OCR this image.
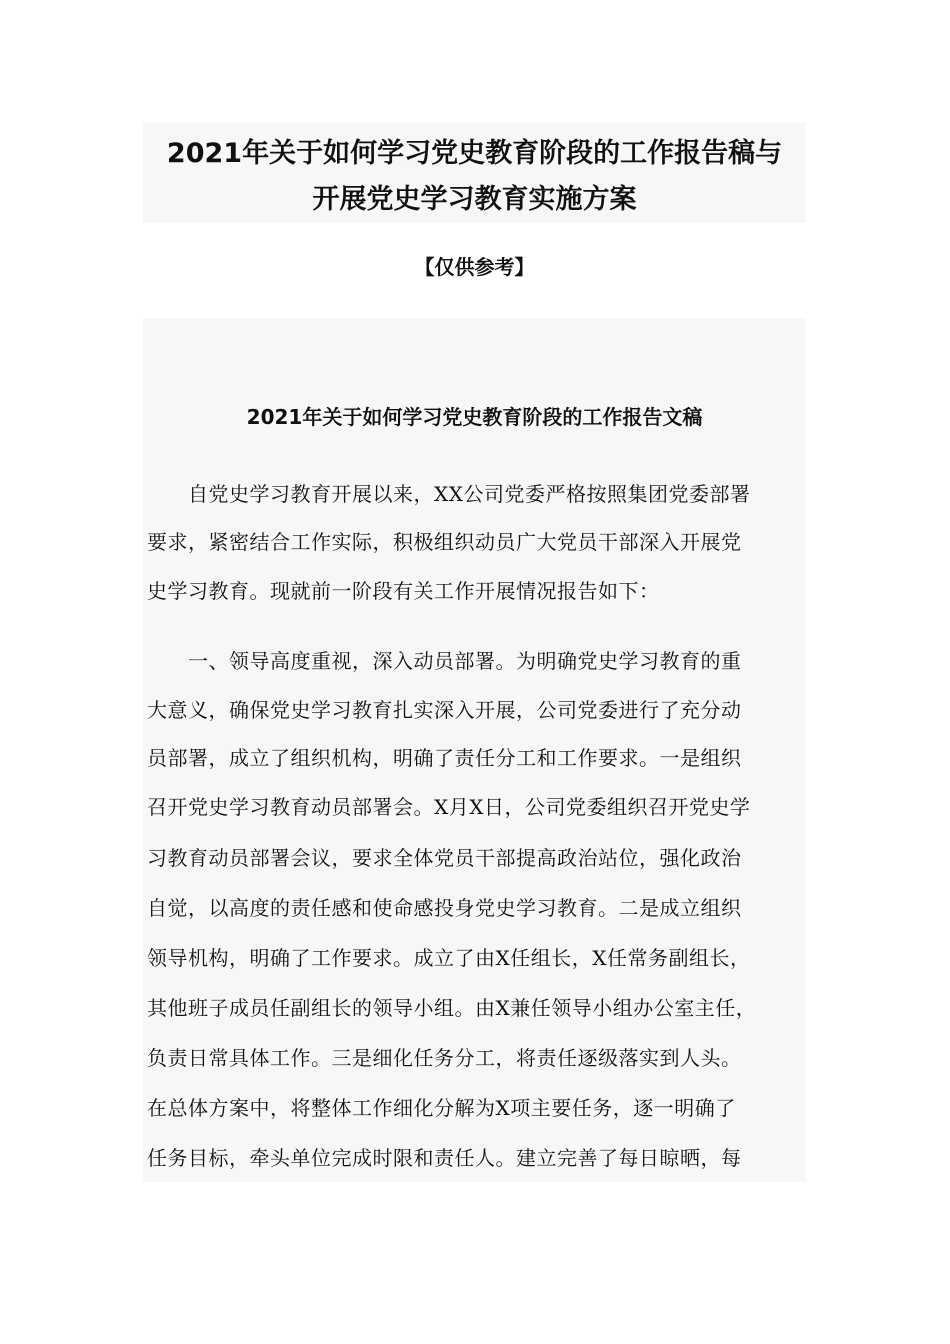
2021年关于如何学习党史教育阶段的工作报告稿与
开展党史学习教育实施方案
【仅供参考】
2021年关于如何学习党史教育阶段的工作报告文稿
　　自党史学习教育开展以来，XX公司党委严格按照集团党委部署
要求，紧密结合工作实际，积极组织动员广大党员干部深入开展党
史学习教育。现就前一阶段有关工作开展情况报告如下：
　　一、领导高度重视，深入动员部署。为明确党史学习教育的重
大意义，确保党史学习教育扎实深入开展，公司党委进行了充分动
员部署，成立了组织机构，明确了责任分工和工作要求。一是组织
召开党史学习教育动员部署会。X月X日，公司党委组织召开党史学
习教育动员部署会议，要求全体党员干部提高政治站位，强化政治
自觉，以高度的责任感和使命感投身党史学习教育。二是成立组织
领导机构，明确了工作要求。成立了由X任组长，X任常务副组长，
其他班子成员任副组长的领导小组。由X兼任领导小组办公室主任，
负责日常具体工作。三是细化任务分工，将责任逐级落实到人头。
在总体方案中，将整体工作细化分解为X项主要任务，逐一明确了
任务目标，牵头单位完成时限和责任人。建立完善了每日晾晒，每
